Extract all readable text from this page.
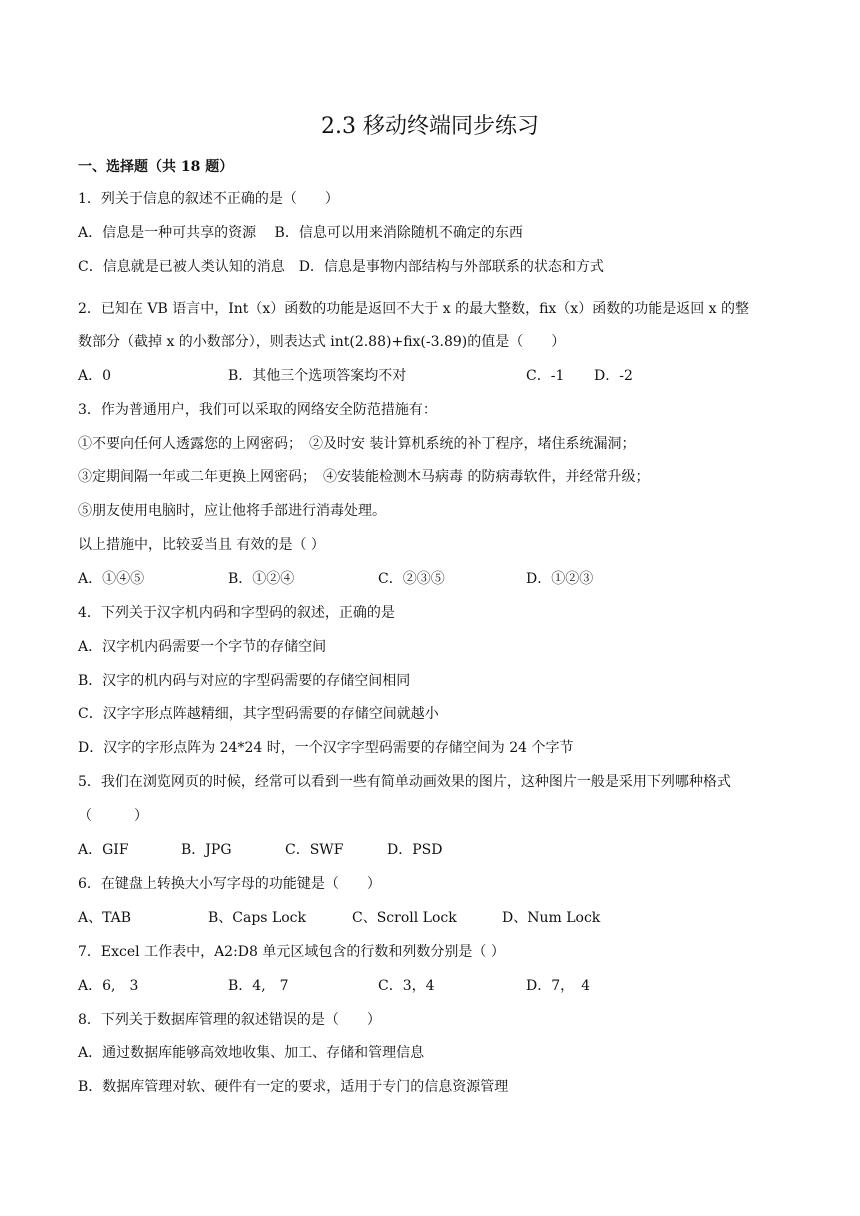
2.3 移动终端同步练习
一、选择题（共 18 题）
1．列关于信息的叙述不正确的是（　　）
A．信息是一种可共享的资源　 B．信息可以用来消除随机不确定的东西
C．信息就是已被人类认知的消息　D．信息是事物内部结构与外部联系的状态和方式
2．已知在 VB 语言中，Int（x）函数的功能是返回不大于 x 的最大整数，fix（x）函数的功能是返回 x 的整
数部分（截掉 x 的小数部分），则表达式 int(2.88)+fix(-3.89)的值是（　　）
A．0	B．其他三个选项答案均不对	C．-1 D．-2
3．作为普通用户，我们可以采取的网络安全防范措施有：
①不要向任何人透露您的上网密码；　②及时安 装计算机系统的补丁程序，堵住系统漏洞；
③定期间隔一年或二年更换上网密码；　④安装能检测木马病毒 的防病毒软件，并经常升级；
⑤朋友使用电脑时，应让他将手部进行消毒处理。
以上措施中，比较妥当且 有效的是（ ）
A．①④⑤	B．①②④	C．②③⑤	D．①②③
4．下列关于汉字机内码和字型码的叙述，正确的是
A．汉字机内码需要一个字节的存储空间
B．汉字的机内码与对应的字型码需要的存储空间相同
C．汉字字形点阵越精细，其字型码需要的存储空间就越小
D．汉字的字形点阵为 24*24 时，一个汉字字型码需要的存储空间为 24 个字节
5．我们在浏览网页的时候，经常可以看到一些有简单动画效果的图片，这种图片一般是采用下列哪种格式
（　　　）
A．GIF	B．JPG	C．SWF	D．PSD
6．在键盘上转换大小写字母的功能键是（　　）
A、TAB	B、Caps Lock	C、Scroll Lock	D、Num Lock
7．Excel 工作表中，A2:D8 单元区域包含的行数和列数分别是（ ）
A．6,　3	B．4,　7	C．3，4	D．7，　4
8．下列关于数据库管理的叙述错误的是（　　）
A．通过数据库能够高效地收集、加工、存储和管理信息
B．数据库管理对软、硬件有一定的要求，适用于专门的信息资源管理
